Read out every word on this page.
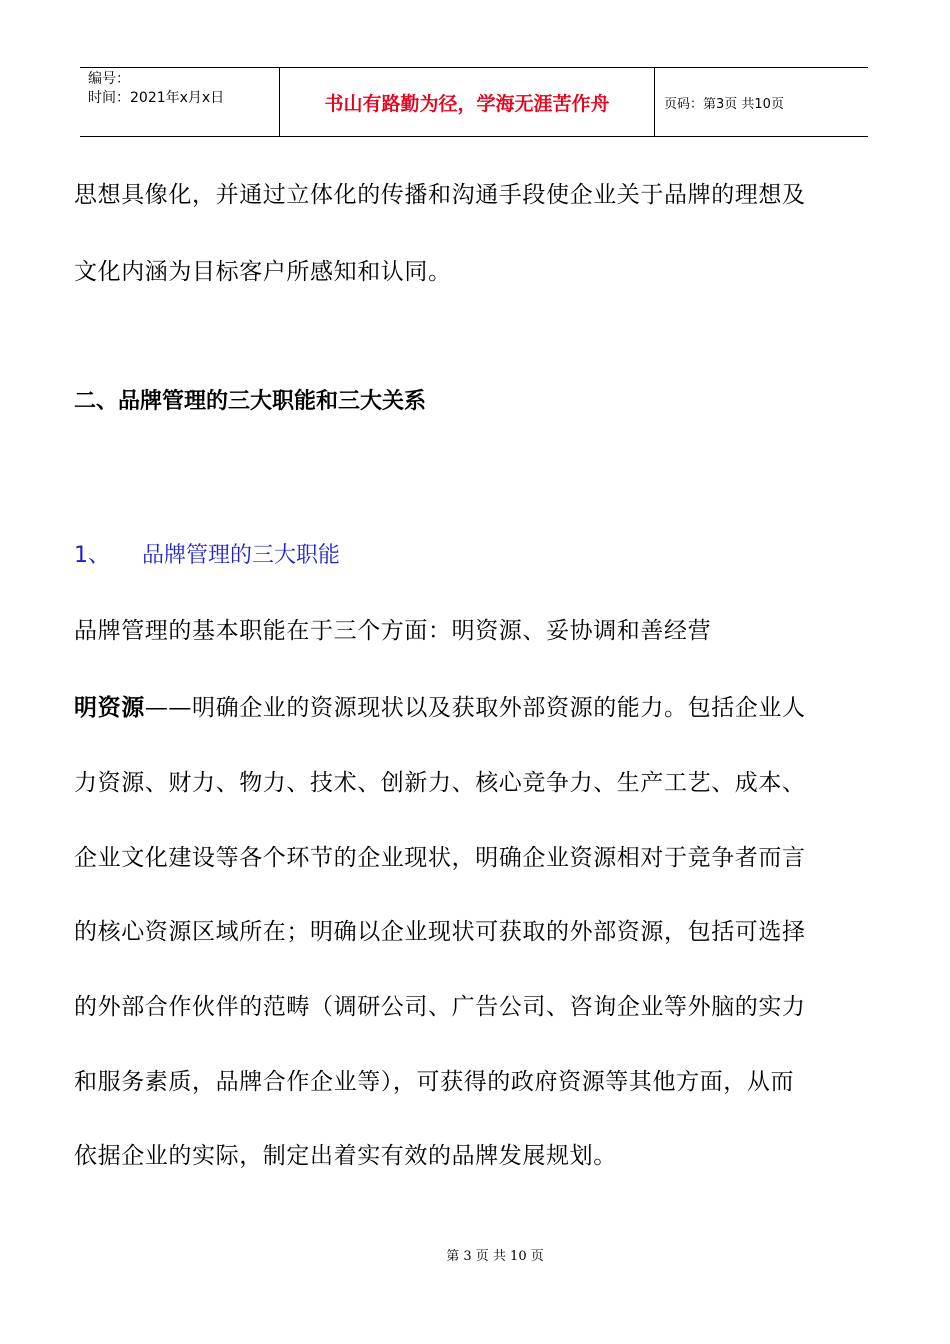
编号：
时间：2021年x月x日	书山有路勤为径，学海无涯苦作舟	页码：第3页 共10页
思想具像化，并通过立体化的传播和沟通手段使企业关于品牌的理想及
文化内涵为目标客户所感知和认同。
二、品牌管理的三大职能和三大关系
1、 品牌管理的三大职能
品牌管理的基本职能在于三个方面：明资源、妥协调和善经营
明资源——明确企业的资源现状以及获取外部资源的能力。包括企业人
力资源、财力、物力、技术、创新力、核心竞争力、生产工艺、成本、
企业文化建设等各个环节的企业现状，明确企业资源相对于竞争者而言
的核心资源区域所在；明确以企业现状可获取的外部资源，包括可选择
的外部合作伙伴的范畴（调研公司、广告公司、咨询企业等外脑的实力
和服务素质，品牌合作企业等），可获得的政府资源等其他方面，从而
依据企业的实际，制定出着实有效的品牌发展规划。
第 3 页 共 10 页
